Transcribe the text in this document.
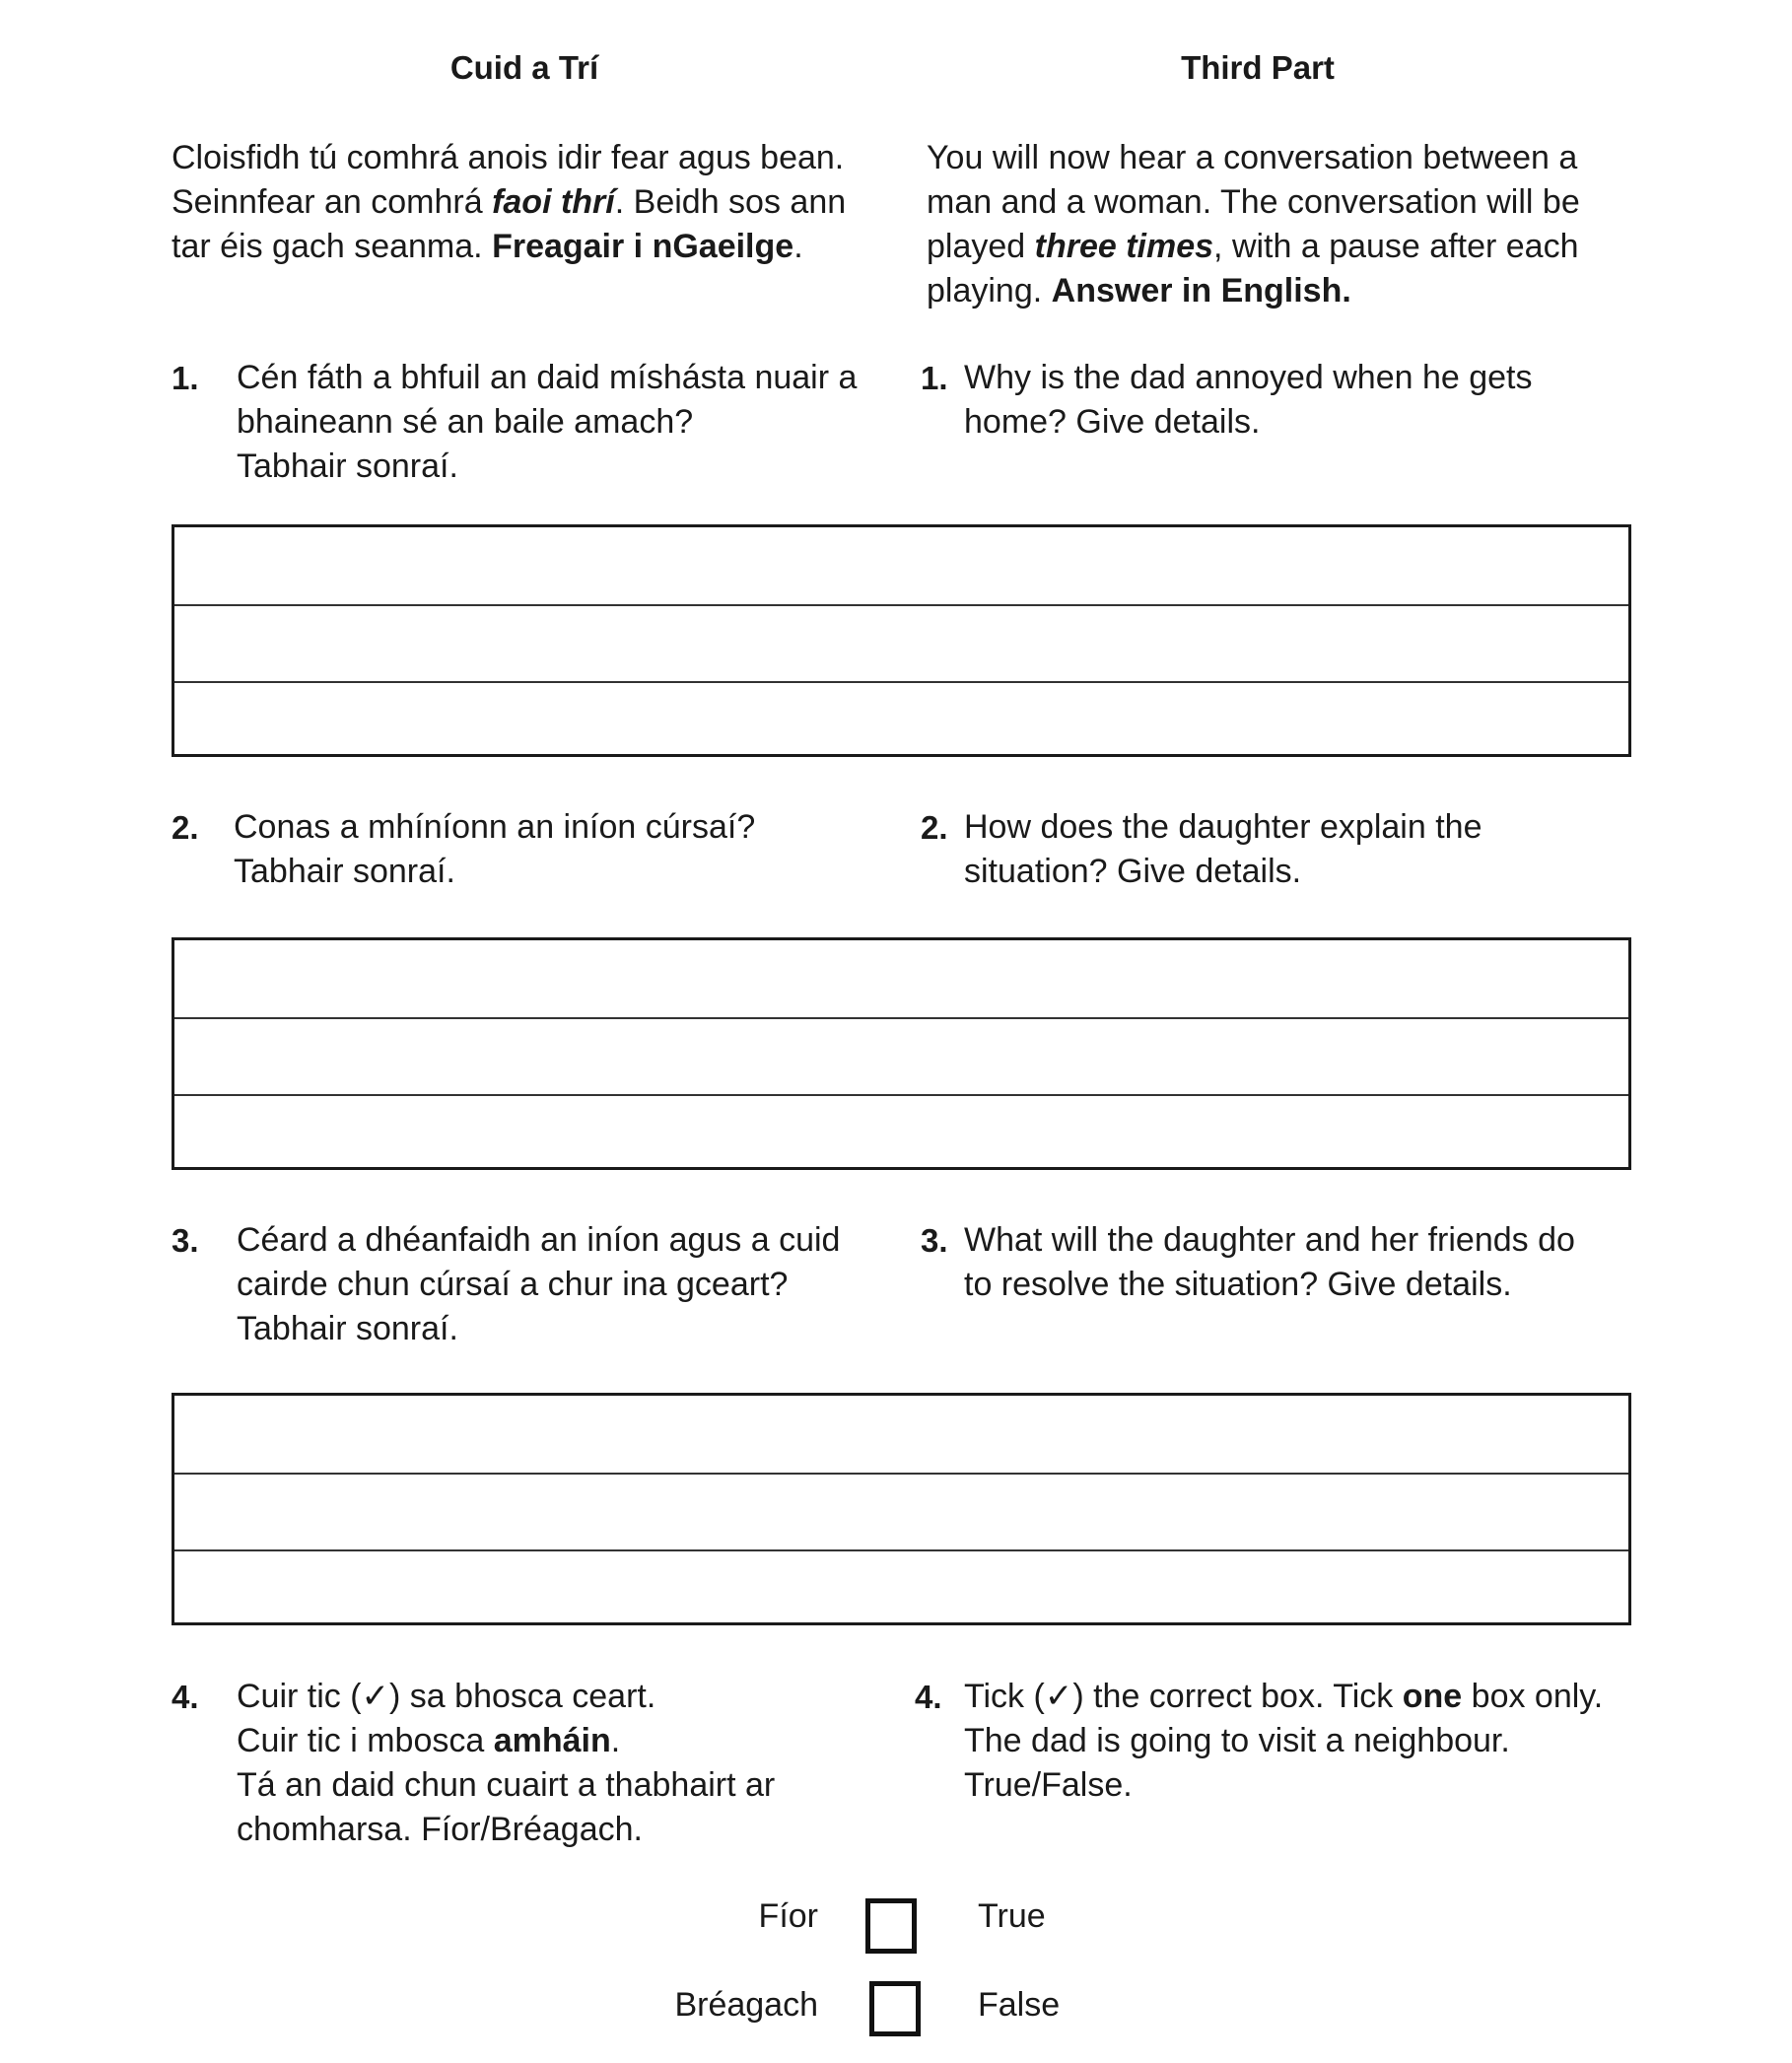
Cuid a Trí	Third Part
Cloisfidh tú comhrá anois idir fear agus bean.
Seinnfear an comhrá faoi thrí. Beidh sos ann
tar éis gach seanma. Freagair i nGaeilge.
You will now hear a conversation between a
man and a woman. The conversation will be
played three times, with a pause after each
playing. Answer in English.
1. Cén fáth a bhfuil an daid míshásta nuair a
bhaineann sé an baile amach?
Tabhair sonraí.
1. Why is the dad annoyed when he gets
home? Give details.
2. Conas a mhíníonn an iníon cúrsaí?
Tabhair sonraí.
2. How does the daughter explain the
situation? Give details.
3. Céard a dhéanfaidh an iníon agus a cuid
cairde chun cúrsaí a chur ina gceart?
Tabhair sonraí.
3. What will the daughter and her friends do
to resolve the situation? Give details.
4. Cuir tic (✓) sa bhosca ceart.
Cuir tic i mbosca amháin.
Tá an daid chun cuairt a thabhairt ar
chomharsa. Fíor/Bréagach.
4. Tick (✓) the correct box. Tick one box only.
The dad is going to visit a neighbour.
True/False.
Fíor	True
Bréagach	False
